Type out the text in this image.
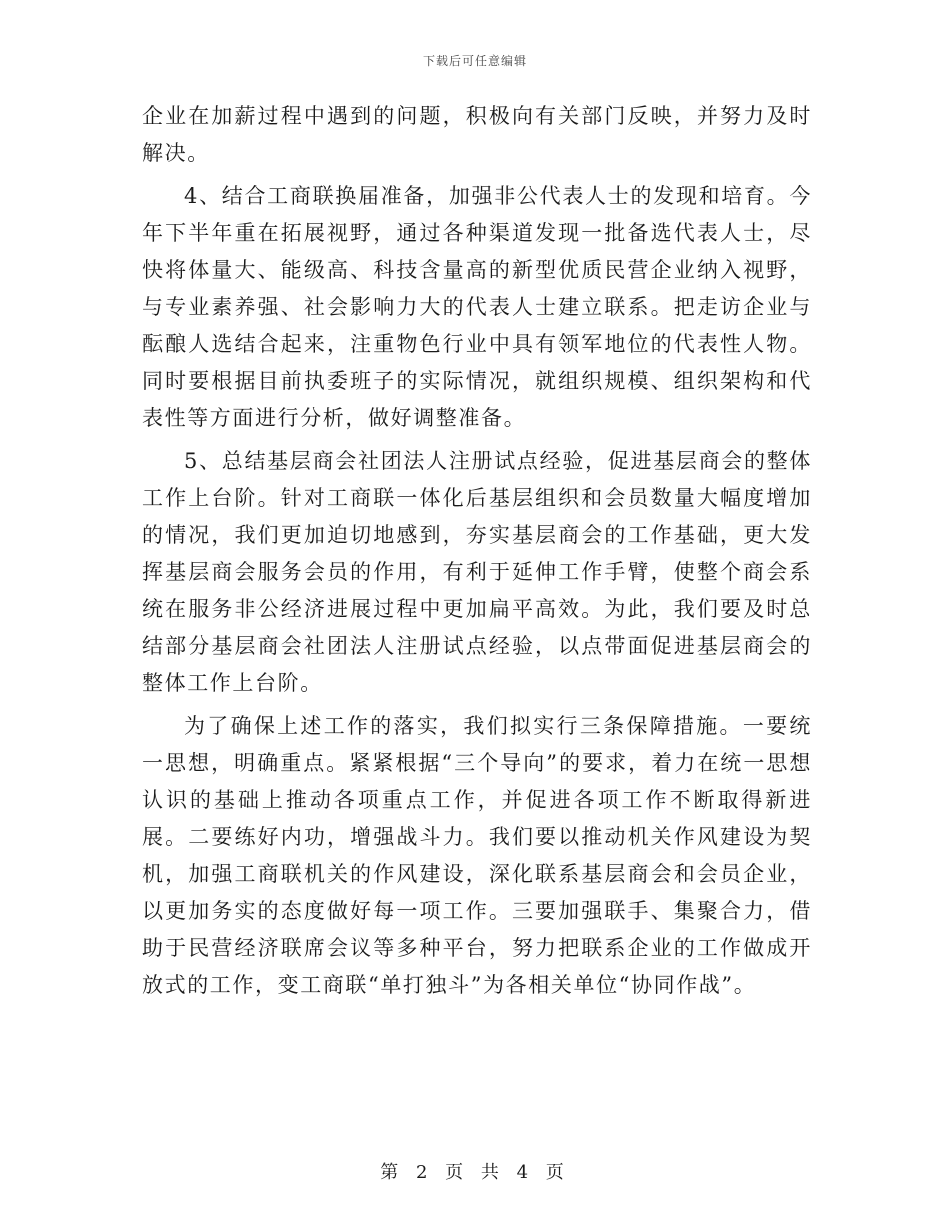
下载后可任意编辑

企业在加薪过程中遇到的问题，积极向有关部门反映，并努力及时解决。

4、结合工商联换届准备，加强非公代表人士的发现和培育。今年下半年重在拓展视野，通过各种渠道发现一批备选代表人士，尽快将体量大、能级高、科技含量高的新型优质民营企业纳入视野，与专业素养强、社会影响力大的代表人士建立联系。把走访企业与酝酿人选结合起来，注重物色行业中具有领军地位的代表性人物。同时要根据目前执委班子的实际情况，就组织规模、组织架构和代表性等方面进行分析，做好调整准备。

5、总结基层商会社团法人注册试点经验，促进基层商会的整体工作上台阶。针对工商联一体化后基层组织和会员数量大幅度增加的情况，我们更加迫切地感到，夯实基层商会的工作基础，更大发挥基层商会服务会员的作用，有利于延伸工作手臂，使整个商会系统在服务非公经济进展过程中更加扁平高效。为此，我们要及时总结部分基层商会社团法人注册试点经验，以点带面促进基层商会的整体工作上台阶。

为了确保上述工作的落实，我们拟实行三条保障措施。一要统一思想，明确重点。紧紧根据“三个导向”的要求，着力在统一思想认识的基础上推动各项重点工作，并促进各项工作不断取得新进展。二要练好内功，增强战斗力。我们要以推动机关作风建设为契机，加强工商联机关的作风建设，深化联系基层商会和会员企业，以更加务实的态度做好每一项工作。三要加强联手、集聚合力，借助于民营经济联席会议等多种平台，努力把联系企业的工作做成开放式的工作，变工商联“单打独斗”为各相关单位“协同作战”。

第 2 页 共 4 页
